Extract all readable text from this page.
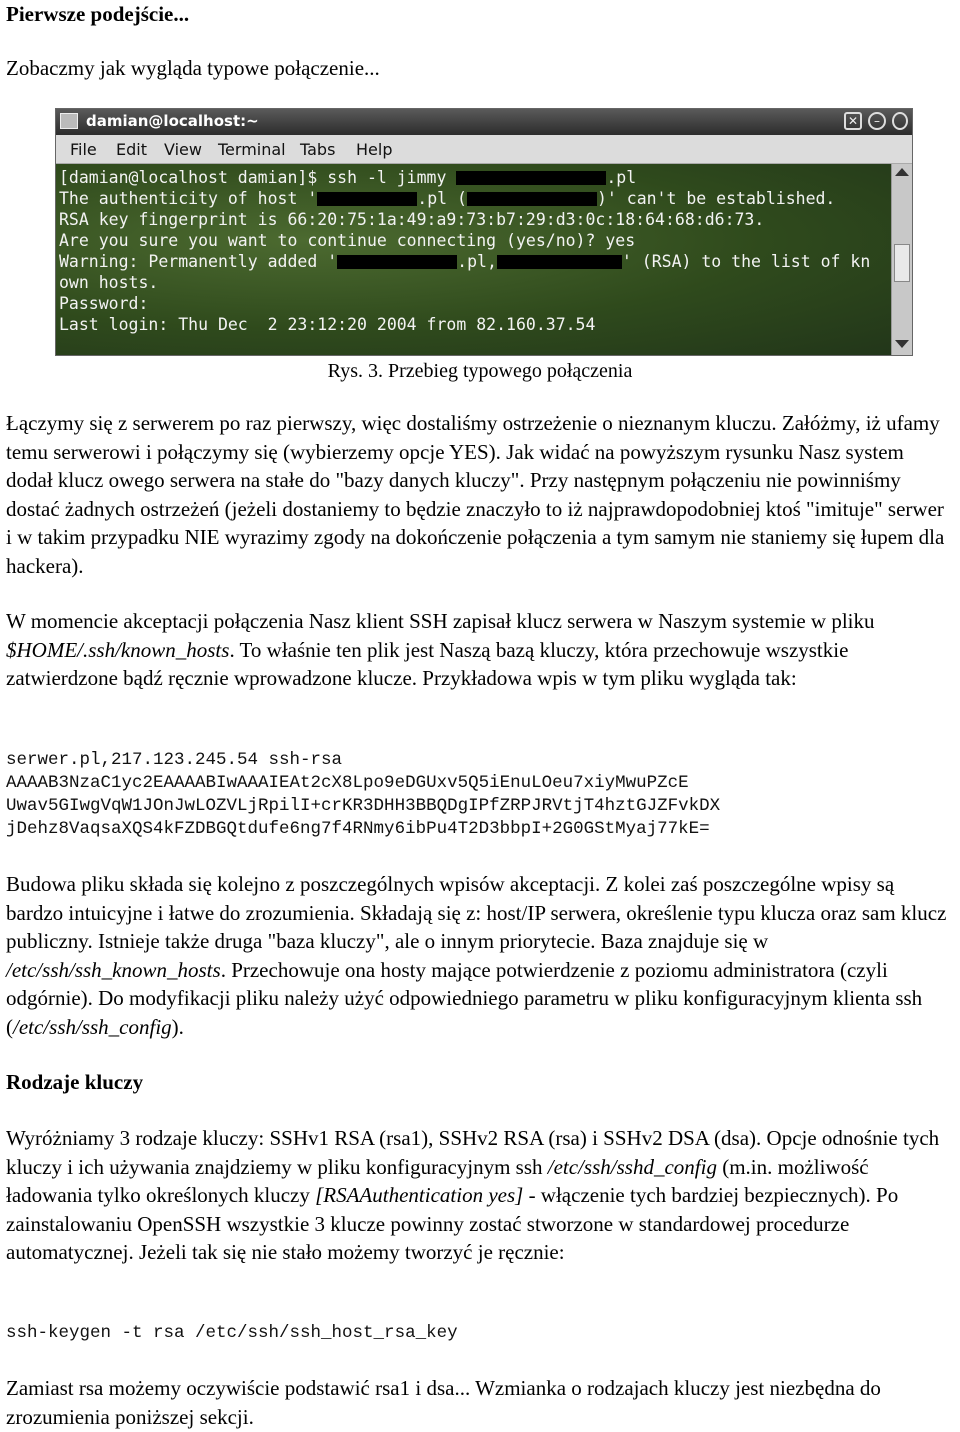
Pierwsze podejście...
Zobaczmy jak wygląda typowe połączenie...
damian@localhost:~	–
✕
File Edit View Terminal Tabs Help
[damian@localhost damian]$ ssh -l jimmy	.pl
The authenticity of host '	.pl (	)' can't be established.
RSA key fingerprint is 66:20:75:1a:49:a9:73:b7:29:d3:0c:18:64:68:d6:73.
Are you sure you want to continue connecting (yes/no)? yes
Warning: Permanently added '	.pl,	' (RSA) to the list of kn
own hosts.
Password:
Last login: Thu Dec  2 23:12:20 2004 from 82.160.37.54
Rys. 3. Przebieg typowego połączenia
Łączymy się z serwerem po raz pierwszy, więc dostaliśmy ostrzeżenie o nieznanym kluczu. Załóżmy, iż ufamy temu serwerowi i połączymy się (wybierzemy opcje YES). Jak widać na powyższym rysunku Nasz system dodał klucz owego serwera na stałe do "bazy danych kluczy". Przy następnym połączeniu nie powinniśmy dostać żadnych ostrzeżeń (jeżeli dostaniemy to będzie znaczyło to iż najprawdopodobniej ktoś "imituje" serwer i w takim przypadku NIE wyrazimy zgody na dokończenie połączenia a tym samym nie staniemy się łupem dla hackera).
W momencie akceptacji połączenia Nasz klient SSH zapisał klucz serwera w Naszym systemie w pliku $HOME/.ssh/known_hosts. To właśnie ten plik jest Naszą bazą kluczy, która przechowuje wszystkie zatwierdzone bądź ręcznie wprowadzone klucze. Przykładowa wpis w tym pliku wygląda tak:
serwer.pl,217.123.245.54 ssh-rsa
AAAAB3NzaC1yc2EAAAABIwAAAIEAt2cX8Lpo9eDGUxv5Q5iEnuLOeu7xiyMwuPZcE
Uwav5GIwgVqW1JOnJwLOZVLjRpilI+crKR3DHH3BBQDgIPfZRPJRVtjT4hztGJZFvkDX
jDehz8VaqsaXQS4kFZDBGQtdufe6ng7f4RNmy6ibPu4T2D3bbpI+2G0GStMyaj77kE=
Budowa pliku składa się kolejno z poszczególnych wpisów akceptacji. Z kolei zaś poszczególne wpisy są bardzo intuicyjne i łatwe do zrozumienia. Składają się z: host/IP serwera, określenie typu klucza oraz sam klucz publiczny. Istnieje także druga "baza kluczy", ale o innym priorytecie. Baza znajduje się w /etc/ssh/ssh_known_hosts. Przechowuje ona hosty mające potwierdzenie z poziomu administratora (czyli odgórnie). Do modyfikacji pliku należy użyć odpowiedniego parametru w pliku konfiguracyjnym klienta ssh (/etc/ssh/ssh_config).
Rodzaje kluczy
Wyróżniamy 3 rodzaje kluczy: SSHv1 RSA (rsa1), SSHv2 RSA (rsa) i SSHv2 DSA (dsa). Opcje odnośnie tych kluczy i ich używania znajdziemy w pliku konfiguracyjnym ssh /etc/ssh/sshd_config (m.in. możliwość ładowania tylko określonych kluczy [RSAAuthentication yes] - włączenie tych bardziej bezpiecznych). Po zainstalowaniu OpenSSH wszystkie 3 klucze powinny zostać stworzone w standardowej procedurze automatycznej. Jeżeli tak się nie stało możemy tworzyć je ręcznie:
ssh-keygen -t rsa /etc/ssh/ssh_host_rsa_key
Zamiast rsa możemy oczywiście podstawić rsa1 i dsa... Wzmianka o rodzajach kluczy jest niezbędna do zrozumienia poniższej sekcji.
